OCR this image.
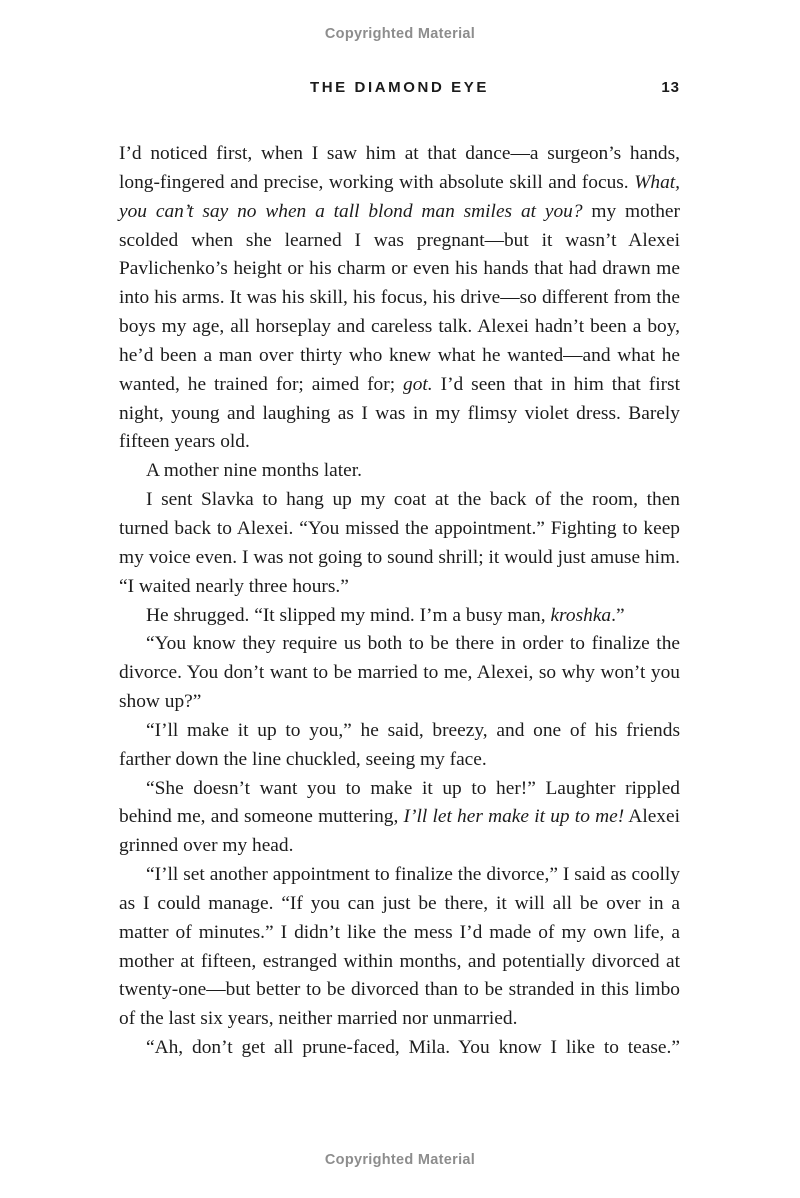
Copyrighted Material
THE DIAMOND EYE	13

I’d noticed first, when I saw him at that dance—a surgeon’s hands, long-fingered and precise, working with absolute skill and focus. What, you can’t say no when a tall blond man smiles at you? my mother scolded when she learned I was pregnant—but it wasn’t Alexei Pavlichenko’s height or his charm or even his hands that had drawn me into his arms. It was his skill, his focus, his drive—so different from the boys my age, all horseplay and careless talk. Alexei hadn’t been a boy, he’d been a man over thirty who knew what he wanted—and what he wanted, he trained for; aimed for; got. I’d seen that in him that first night, young and laughing as I was in my flimsy violet dress. Barely fifteen years old.

A mother nine months later.

I sent Slavka to hang up my coat at the back of the room, then turned back to Alexei. “You missed the appointment.” Fighting to keep my voice even. I was not going to sound shrill; it would just amuse him. “I waited nearly three hours.”

He shrugged. “It slipped my mind. I’m a busy man, kroshka.”

“You know they require us both to be there in order to finalize the divorce. You don’t want to be married to me, Alexei, so why won’t you show up?”

“I’ll make it up to you,” he said, breezy, and one of his friends farther down the line chuckled, seeing my face.

“She doesn’t want you to make it up to her!” Laughter rippled behind me, and someone muttering, I’ll let her make it up to me! Alexei grinned over my head.

“I’ll set another appointment to finalize the divorce,” I said as coolly as I could manage. “If you can just be there, it will all be over in a matter of minutes.” I didn’t like the mess I’d made of my own life, a mother at fifteen, estranged within months, and potentially divorced at twenty-one—but better to be divorced than to be stranded in this limbo of the last six years, neither married nor unmarried.

“Ah, don’t get all prune-faced, Mila. You know I like to tease.”

Copyrighted Material
